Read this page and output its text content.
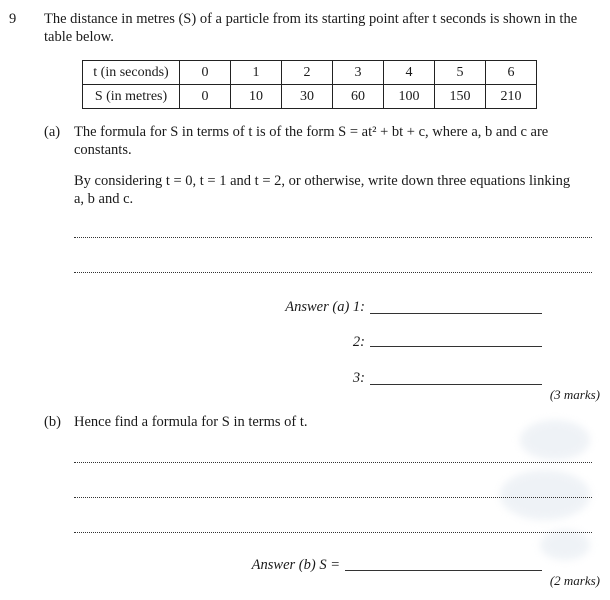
9 The distance in metres (S) of a particle from its starting point after t seconds is shown in the
table below.
t (in seconds)	0	1	2	3	4	5	6
S (in metres)	0	10	30	60	100	150	210
(a) The formula for S in terms of t is of the form S = at² + bt + c, where a, b and c are
constants.
By considering t = 0, t = 1 and t = 2, or otherwise, write down three equations linking
a, b and c.
Answer (a) 1:
2:
3:
(3 marks)
(b) Hence find a formula for S in terms of t.
Answer (b) S =
(2 marks)
